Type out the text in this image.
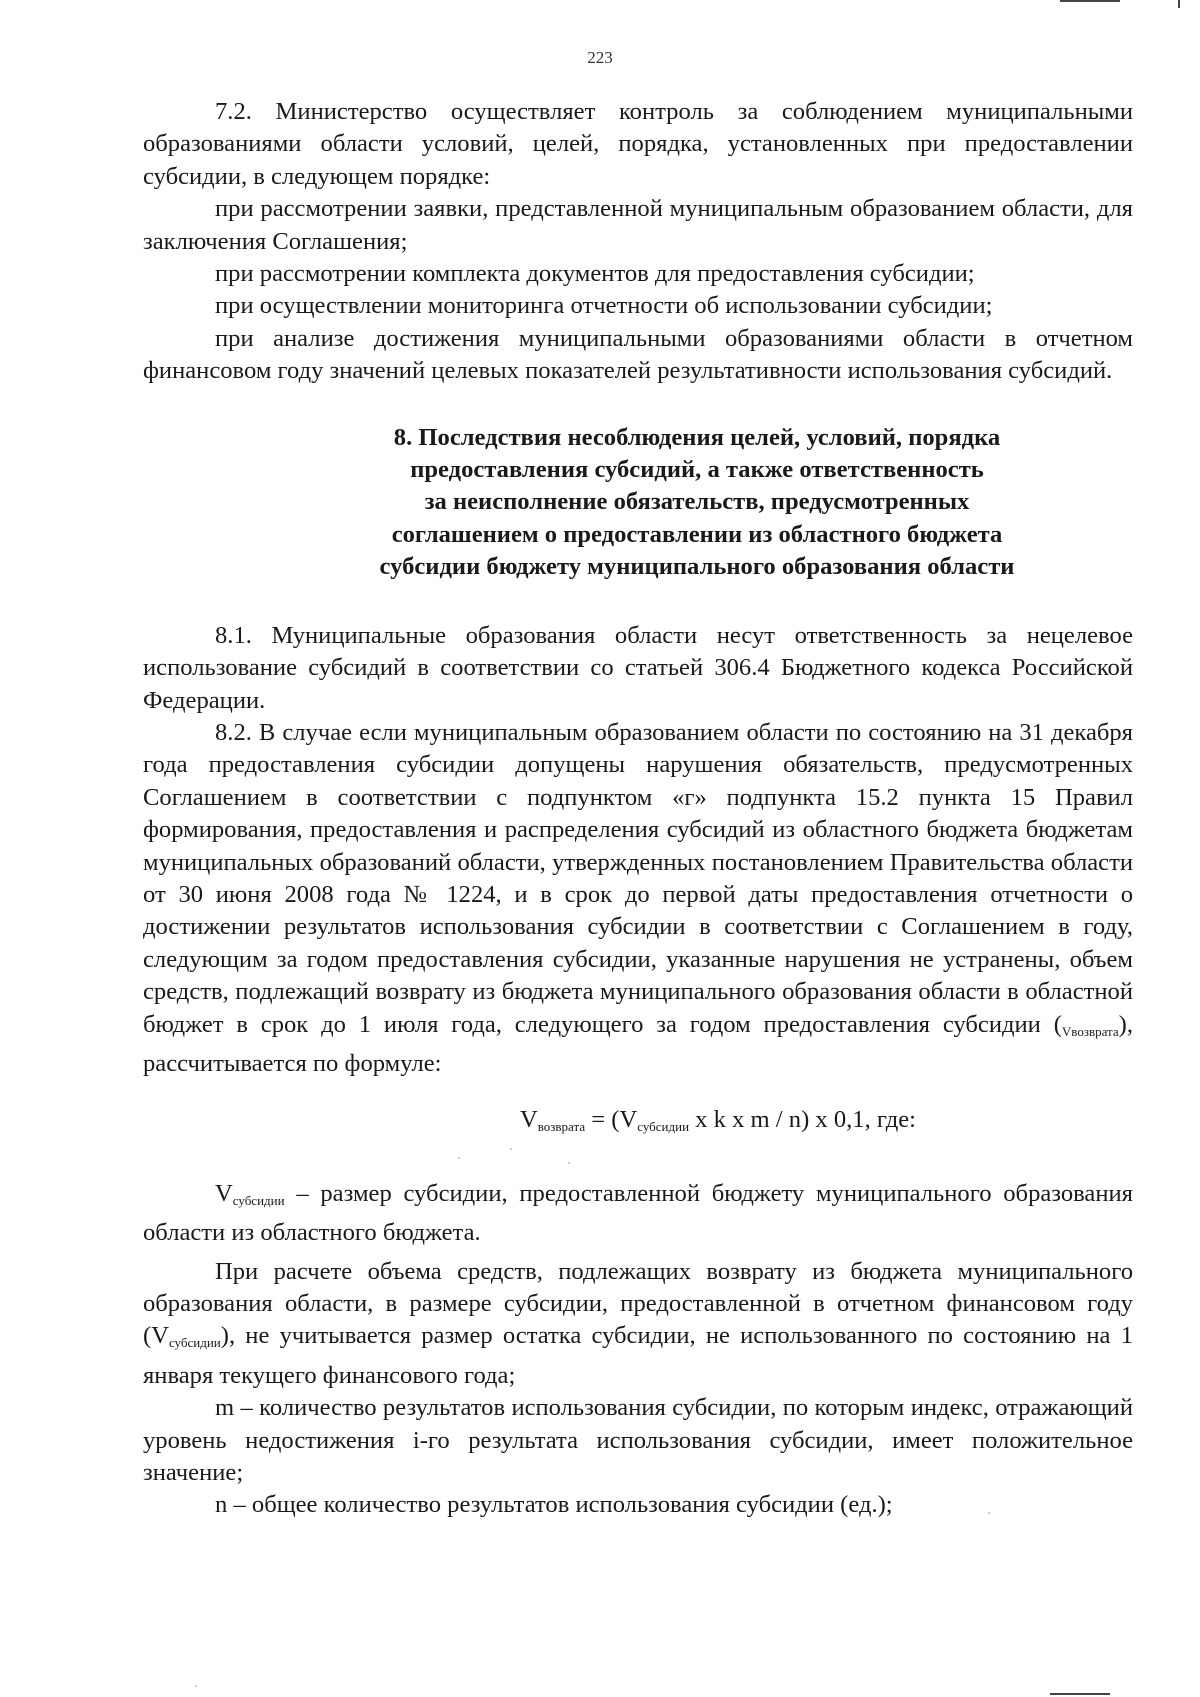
223

7.2. Министерство осуществляет контроль за соблюдением муниципальными образованиями области условий, целей, порядка, установленных при предоставлении субсидии, в следующем порядке:

при рассмотрении заявки, представленной муниципальным образованием области, для заключения Соглашения;

при рассмотрении комплекта документов для предоставления субсидии;

при осуществлении мониторинга отчетности об использовании субсидии;

при анализе достижения муниципальными образованиями области в отчетном финансовом году значений целевых показателей результативности использования субсидий.

8. Последствия несоблюдения целей, условий, порядка
предоставления субсидий, а также ответственность
за неисполнение обязательств, предусмотренных
соглашением о предоставлении из областного бюджета
субсидии бюджету муниципального образования области

8.1. Муниципальные образования области несут ответственность за нецелевое использование субсидий в соответствии со статьей 306.4 Бюджетного кодекса Российской Федерации.

8.2. В случае если муниципальным образованием области по состоянию на 31 декабря года предоставления субсидии допущены нарушения обязательств, предусмотренных Соглашением в соответствии с подпунктом «г» подпункта 15.2 пункта 15 Правил формирования, предоставления и распределения субсидий из областного бюджета бюджетам муниципальных образований области, утвержденных постановлением Правительства области от 30 июня 2008 года № 1224, и в срок до первой даты предоставления отчетности о достижении результатов использования субсидии в соответствии с Соглашением в году, следующим за годом предоставления субсидии, указанные нарушения не устранены, объем средств, подлежащий возврату из бюджета муниципального образования области в областной бюджет в срок до 1 июля года, следующего за годом предоставления субсидии $(_{Vвозврата})$, рассчитывается по формуле:

$V_{возврата} = (V_{субсидии}$ x k x m / n) x 0,1, где:

$V_{субсидии}$ – размер субсидии, предоставленной бюджету муниципального образования области из областного бюджета.

При расчете объема средств, подлежащих возврату из бюджета муниципального образования области, в размере субсидии, предоставленной в отчетном финансовом году $(V_{субсидии})$, не учитывается размер остатка субсидии, не использованного по состоянию на 1 января текущего финансового года;

m – количество результатов использования субсидии, по которым индекс, отражающий уровень недостижения i-го результата использования субсидии, имеет положительное значение;

n – общее количество результатов использования субсидии (ед.);
